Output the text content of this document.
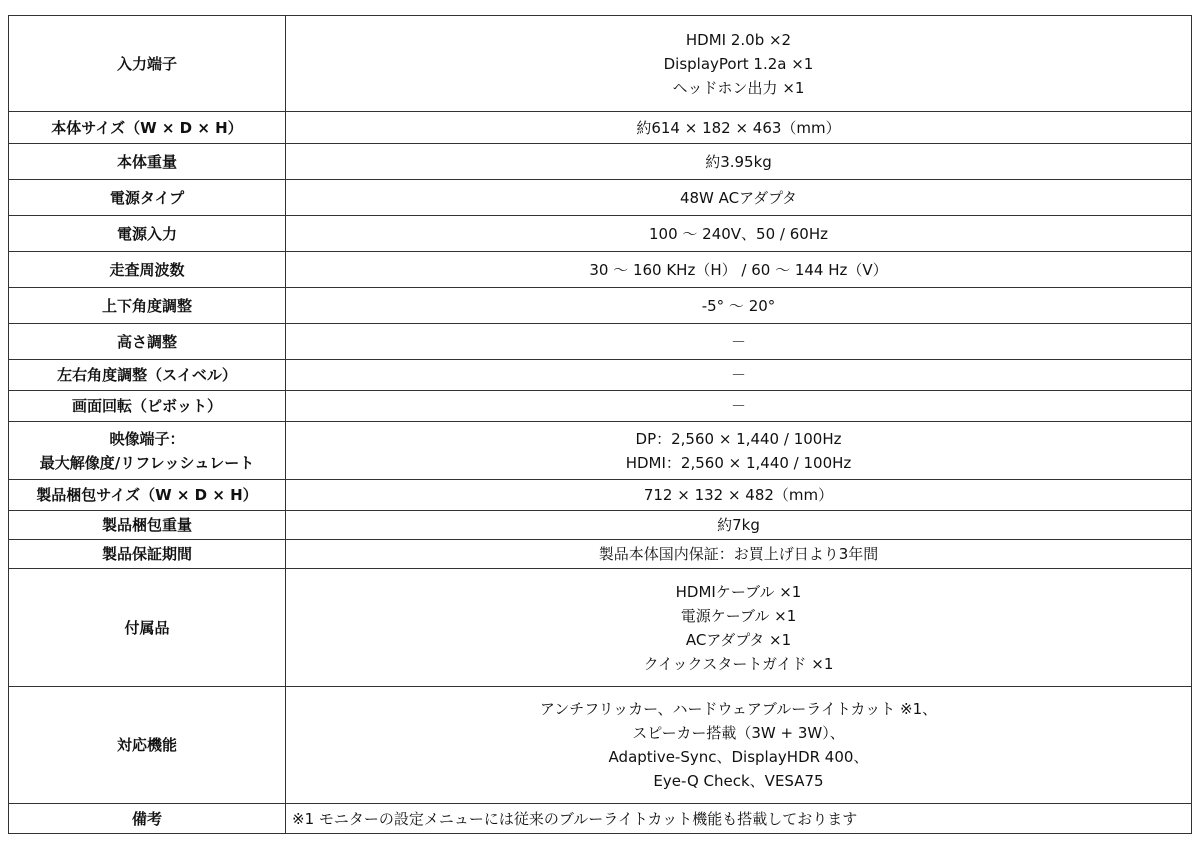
入力端子	HDMI 2.0b ×2
DisplayPort 1.2a ×1
ヘッドホン出力 ×1

本体サイズ（W × D × H）	約614 × 182 × 463（mm）

本体重量	約3.95kg

電源タイプ	48W ACアダプタ

電源入力	100 ～ 240V、50 / 60Hz

走査周波数	30 ～ 160 KHz（H） / 60 ～ 144 Hz（V）

上下角度調整	-5° ～ 20°

高さ調整	－

左右角度調整（スイベル）	－

画面回転（ピボット）	－

映像端子：
最大解像度/リフレッシュレート	DP：2,560 × 1,440 / 100Hz
HDMI：2,560 × 1,440 / 100Hz

製品梱包サイズ（W × D × H）	712 × 132 × 482（mm）

製品梱包重量	約7kg

製品保証期間	製品本体国内保証：お買上げ日より3年間

付属品	HDMIケーブル ×1
電源ケーブル ×1
ACアダプタ ×1
クイックスタートガイド ×1

対応機能	アンチフリッカー、ハードウェアブルーライトカット ※1、
スピーカー搭載（3W + 3W）、
Adaptive-Sync、DisplayHDR 400、
Eye-Q Check、VESA75

備考	※1 モニターの設定メニューには従来のブルーライトカット機能も搭載しております
